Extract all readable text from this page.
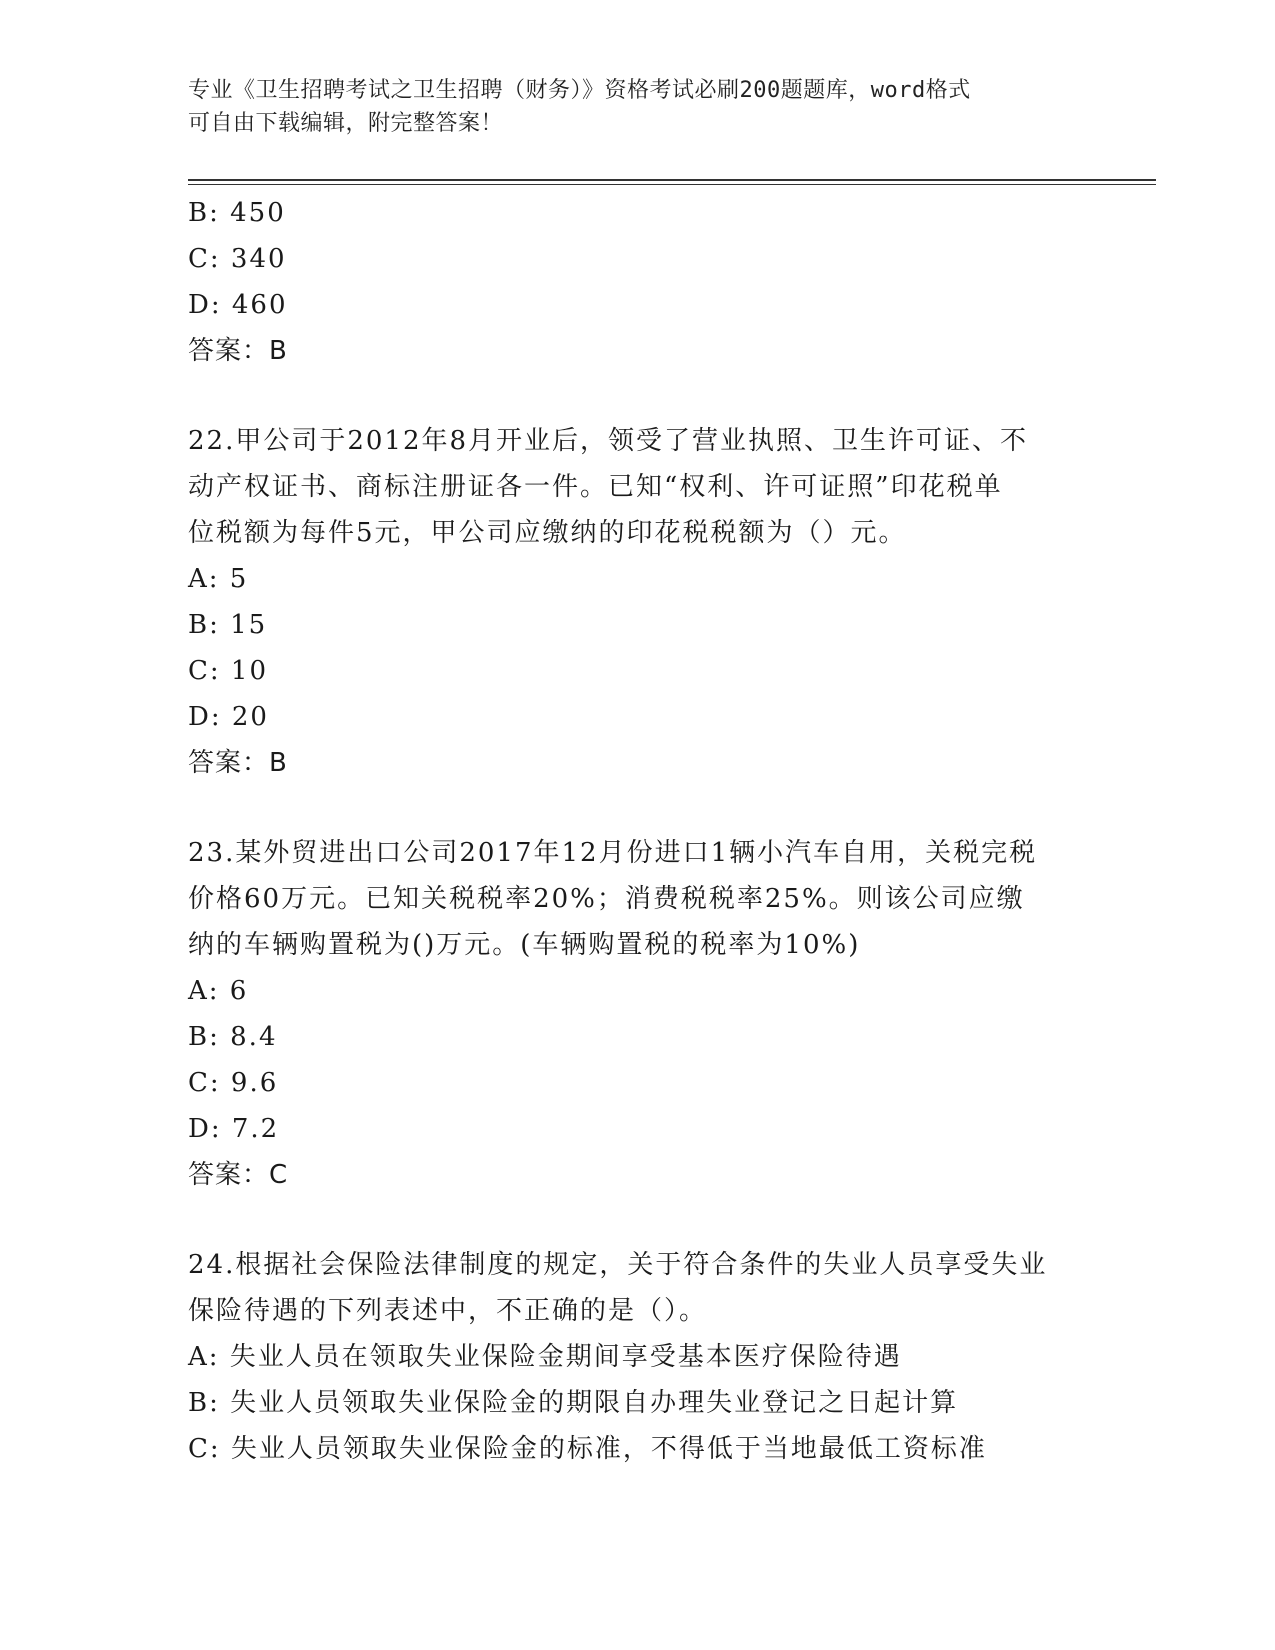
专业《卫生招聘考试之卫生招聘（财务）》资格考试必刷200题题库，word格式
可自由下载编辑，附完整答案！
B: 450
C: 340
D: 460
答案：B
22.甲公司于2012年8月开业后，领受了营业执照、卫生许可证、不
动产权证书、商标注册证各一件。已知“权利、许可证照”印花税单
位税额为每件5元，甲公司应缴纳的印花税税额为（）元。
A: 5
B: 15
C: 10
D: 20
答案：B
23.某外贸进出口公司2017年12月份进口1辆小汽车自用，关税完税
价格60万元。已知关税税率20%；消费税税率25%。则该公司应缴
纳的车辆购置税为()万元。(车辆购置税的税率为10%)
A: 6
B: 8.4
C: 9.6
D: 7.2
答案：C
24.根据社会保险法律制度的规定，关于符合条件的失业人员享受失业
保险待遇的下列表述中，不正确的是（）。
A: 失业人员在领取失业保险金期间享受基本医疗保险待遇
B: 失业人员领取失业保险金的期限自办理失业登记之日起计算
C: 失业人员领取失业保险金的标准，不得低于当地最低工资标准
